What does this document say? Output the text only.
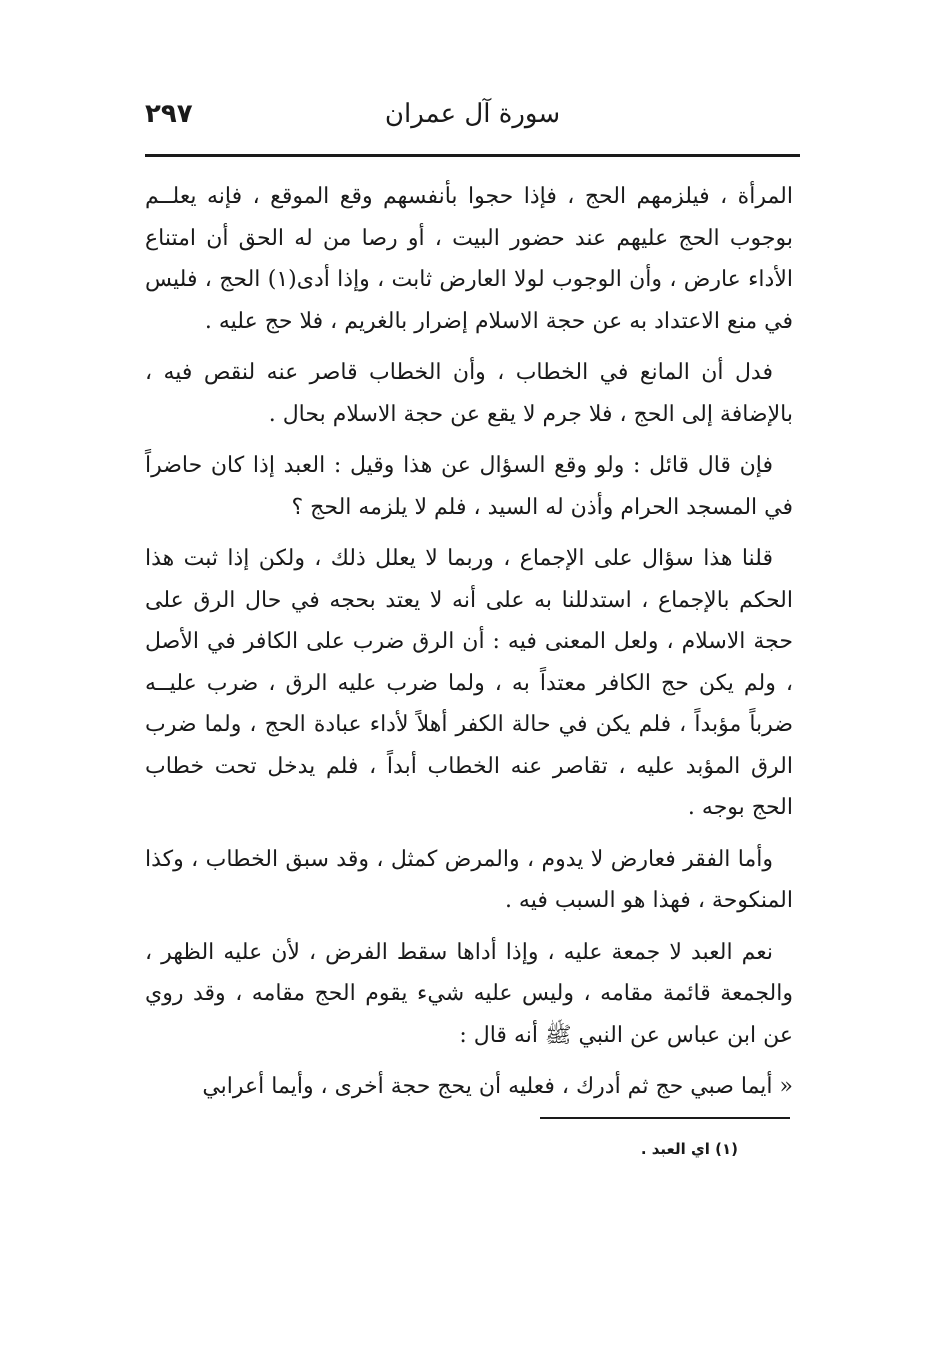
سورة آل عمران
٢٩٧

المرأة ، فيلزمهم الحج ، فإذا حجوا بأنفسهم وقع الموقع ، فإنه يعلــم بوجوب الحج عليهم عند حضور البيت ، أو رصا من له الحق أن امتناع الأداء عارض ، وأن الوجوب لولا العارض ثابت ، وإذا أدى(١) الحج ، فليس في منع الاعتداد به عن حجة الاسلام إضرار بالغريم ، فلا حج عليه .

فدل أن المانع في الخطاب ، وأن الخطاب قاصر عنه لنقص فيه ، بالإضافة إلى الحج ، فلا جرم لا يقع عن حجة الاسلام بحال .

فإن قال قائل : ولو وقع السؤال عن هذا وقيل : العبد إذا كان حاضراً في المسجد الحرام وأذن له السيد ، فلم لا يلزمه الحج ؟

قلنا هذا سؤال على الإجماع ، وربما لا يعلل ذلك ، ولكن إذا ثبت هذا الحكم بالإجماع ، استدللنا به على أنه لا يعتد بحجه في حال الرق على حجة الاسلام ، ولعل المعنى فيه : أن الرق ضرب على الكافر في الأصل ، ولم يكن حج الكافر معتداً به ، ولما ضرب عليه الرق ، ضرب عليــه ضرباً مؤبداً ، فلم يكن في حالة الكفر أهلاً لأداء عبادة الحج ، ولما ضرب الرق المؤبد عليه ، تقاصر عنه الخطاب أبداً ، فلم يدخل تحت خطاب الحج بوجه .

وأما الفقر فعارض لا يدوم ، والمرض كمثل ، وقد سبق الخطاب ، وكذا المنكوحة ، فهذا هو السبب فيه .

نعم العبد لا جمعة عليه ، وإذا أداها سقط الفرض ، لأن عليه الظهر ، والجمعة قائمة مقامه ، وليس عليه شيء يقوم الحج مقامه ، وقد روي عن ابن عباس عن النبي ﷺ أنه قال :

« أيما صبي حج ثم أدرك ، فعليه أن يحج حجة أخرى ، وأيما أعرابي

(١) اي العبد .
